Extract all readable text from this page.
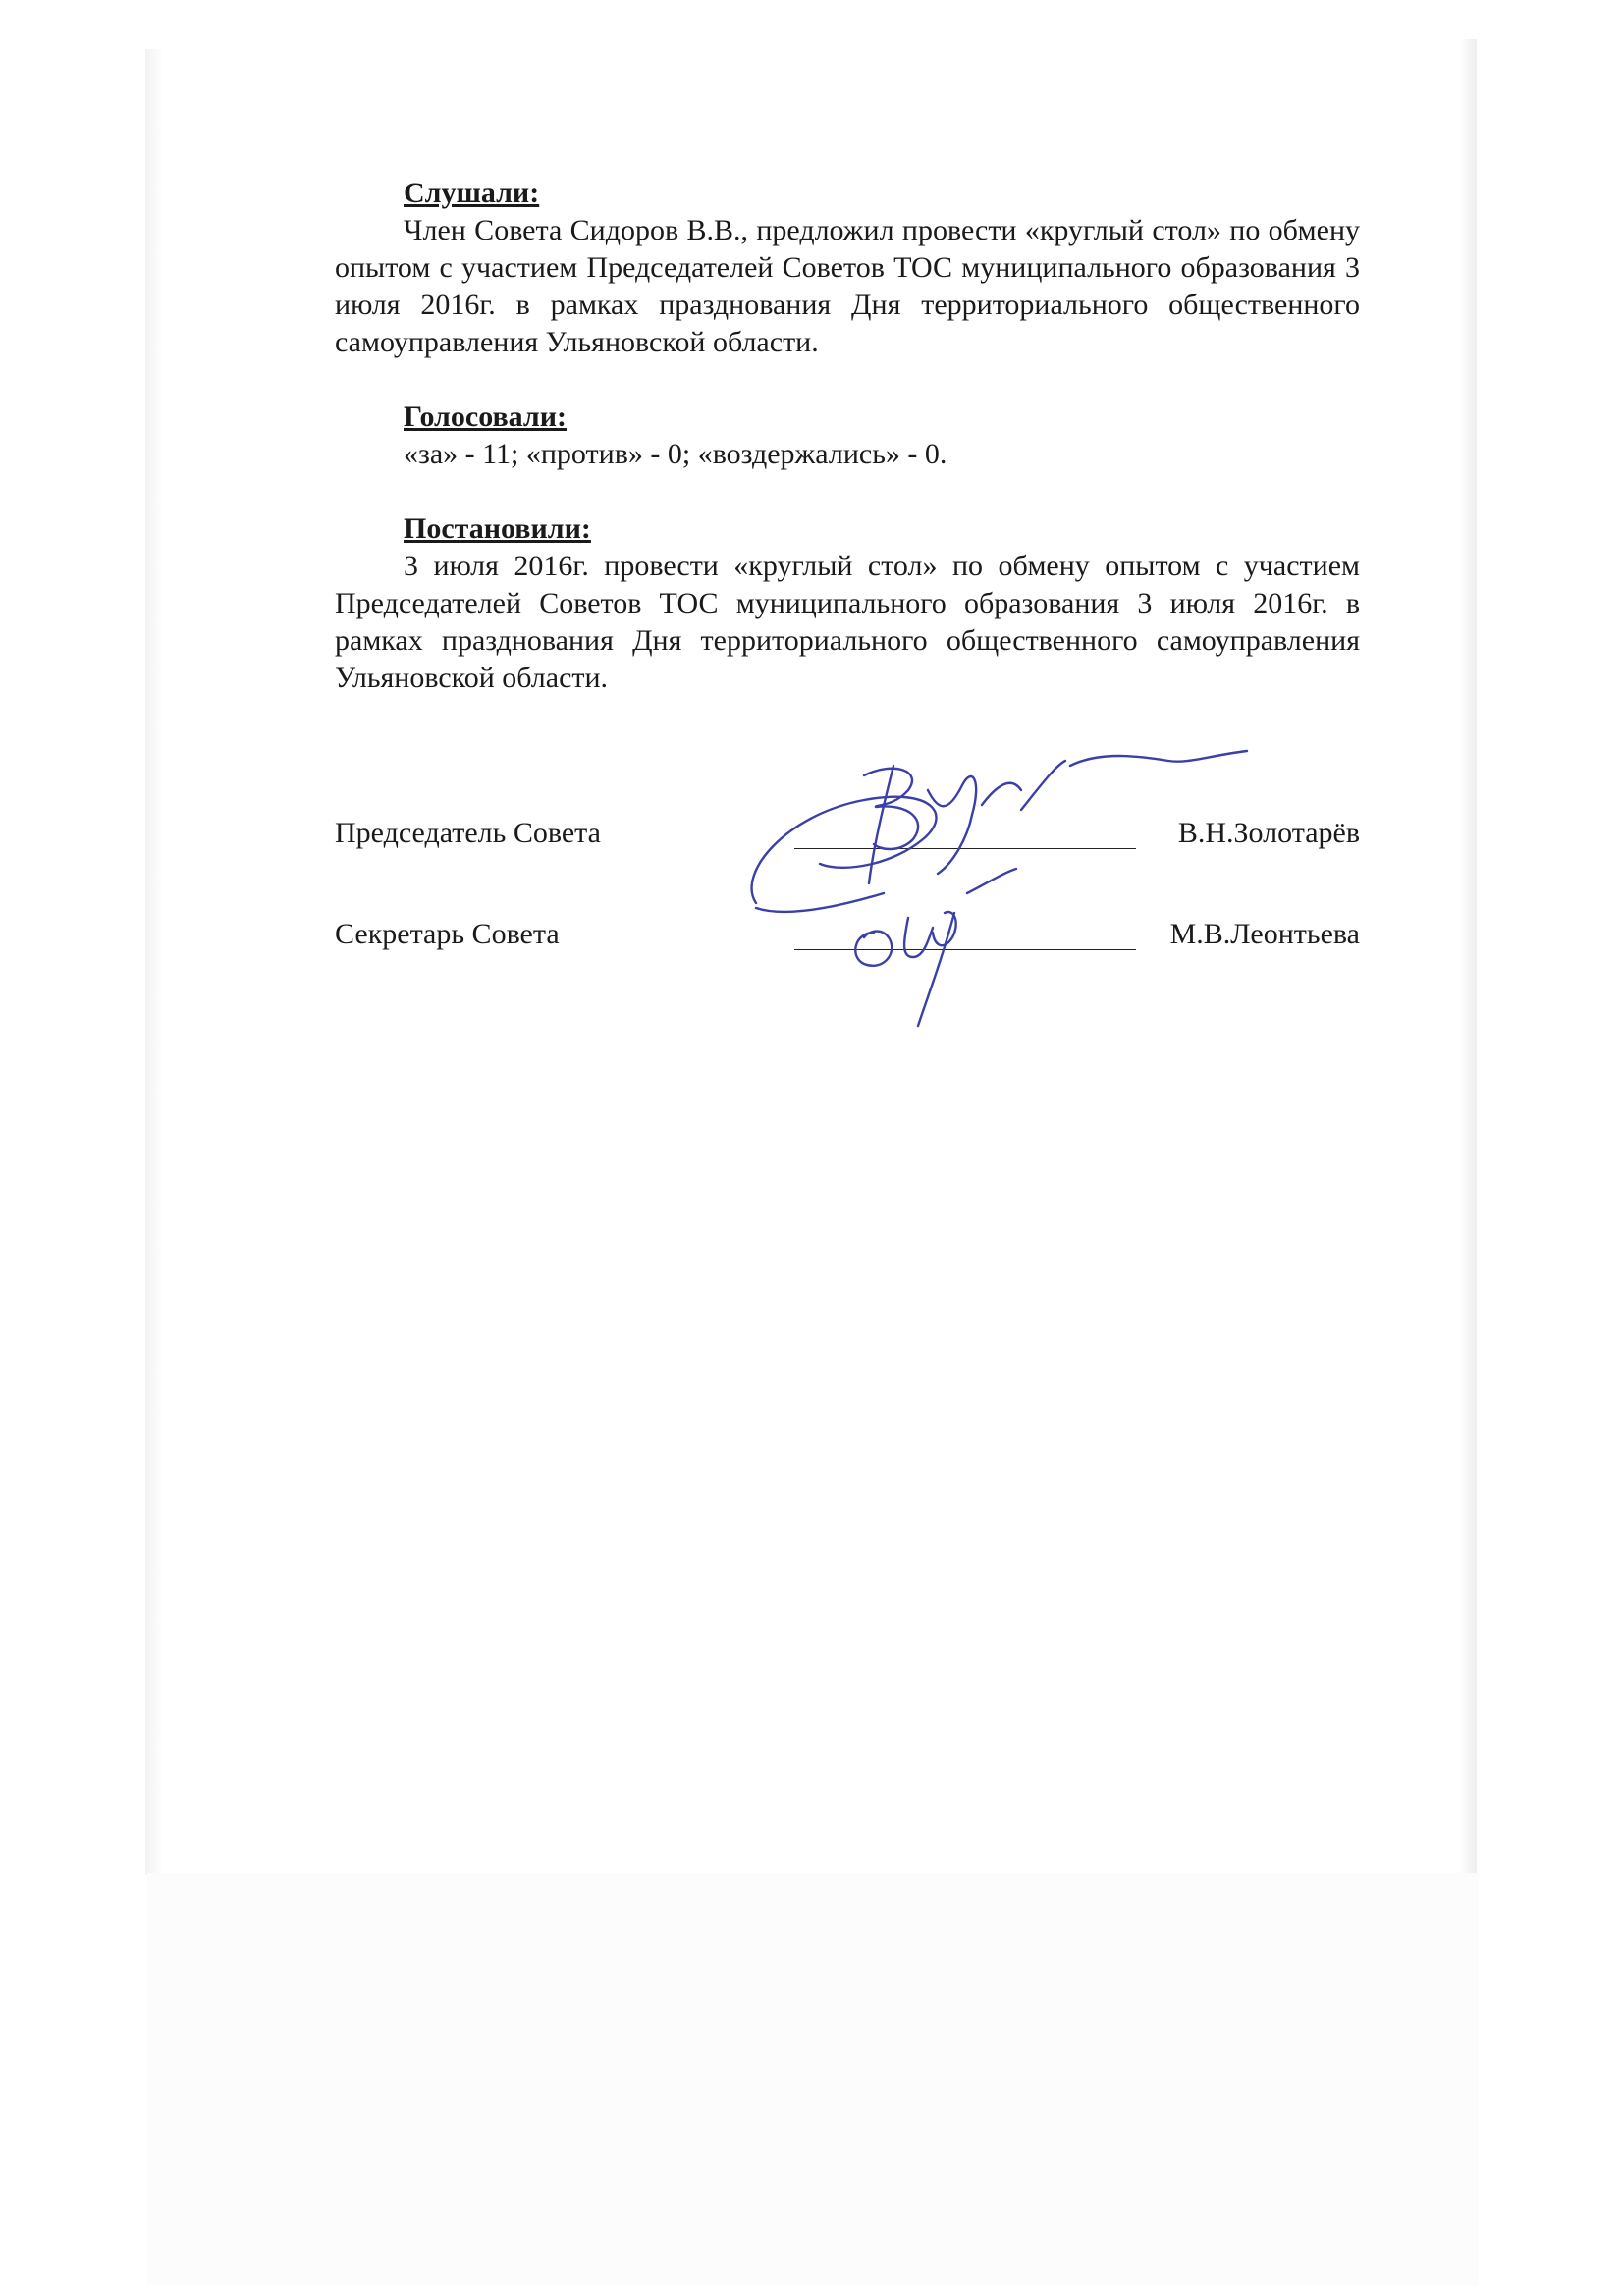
Слушали:

Член Совета Сидоров В.В., предложил провести «круглый стол» по обмену опытом с участием Председателей Советов ТОС муниципального образования 3 июля 2016г. в рамках празднования Дня территориального общественного самоуправления Ульяновской области.

Голосовали:

«за» - 11; «против» - 0; «воздержались» - 0.

Постановили:

3 июля 2016г. провести «круглый стол» по обмену опытом с участием Председателей Советов ТОС муниципального образования 3 июля 2016г. в рамках празднования Дня территориального общественного самоуправления Ульяновской области.

Председатель Совета	В.Н.Золотарёв
Секретарь Совета	М.В.Леонтьева
